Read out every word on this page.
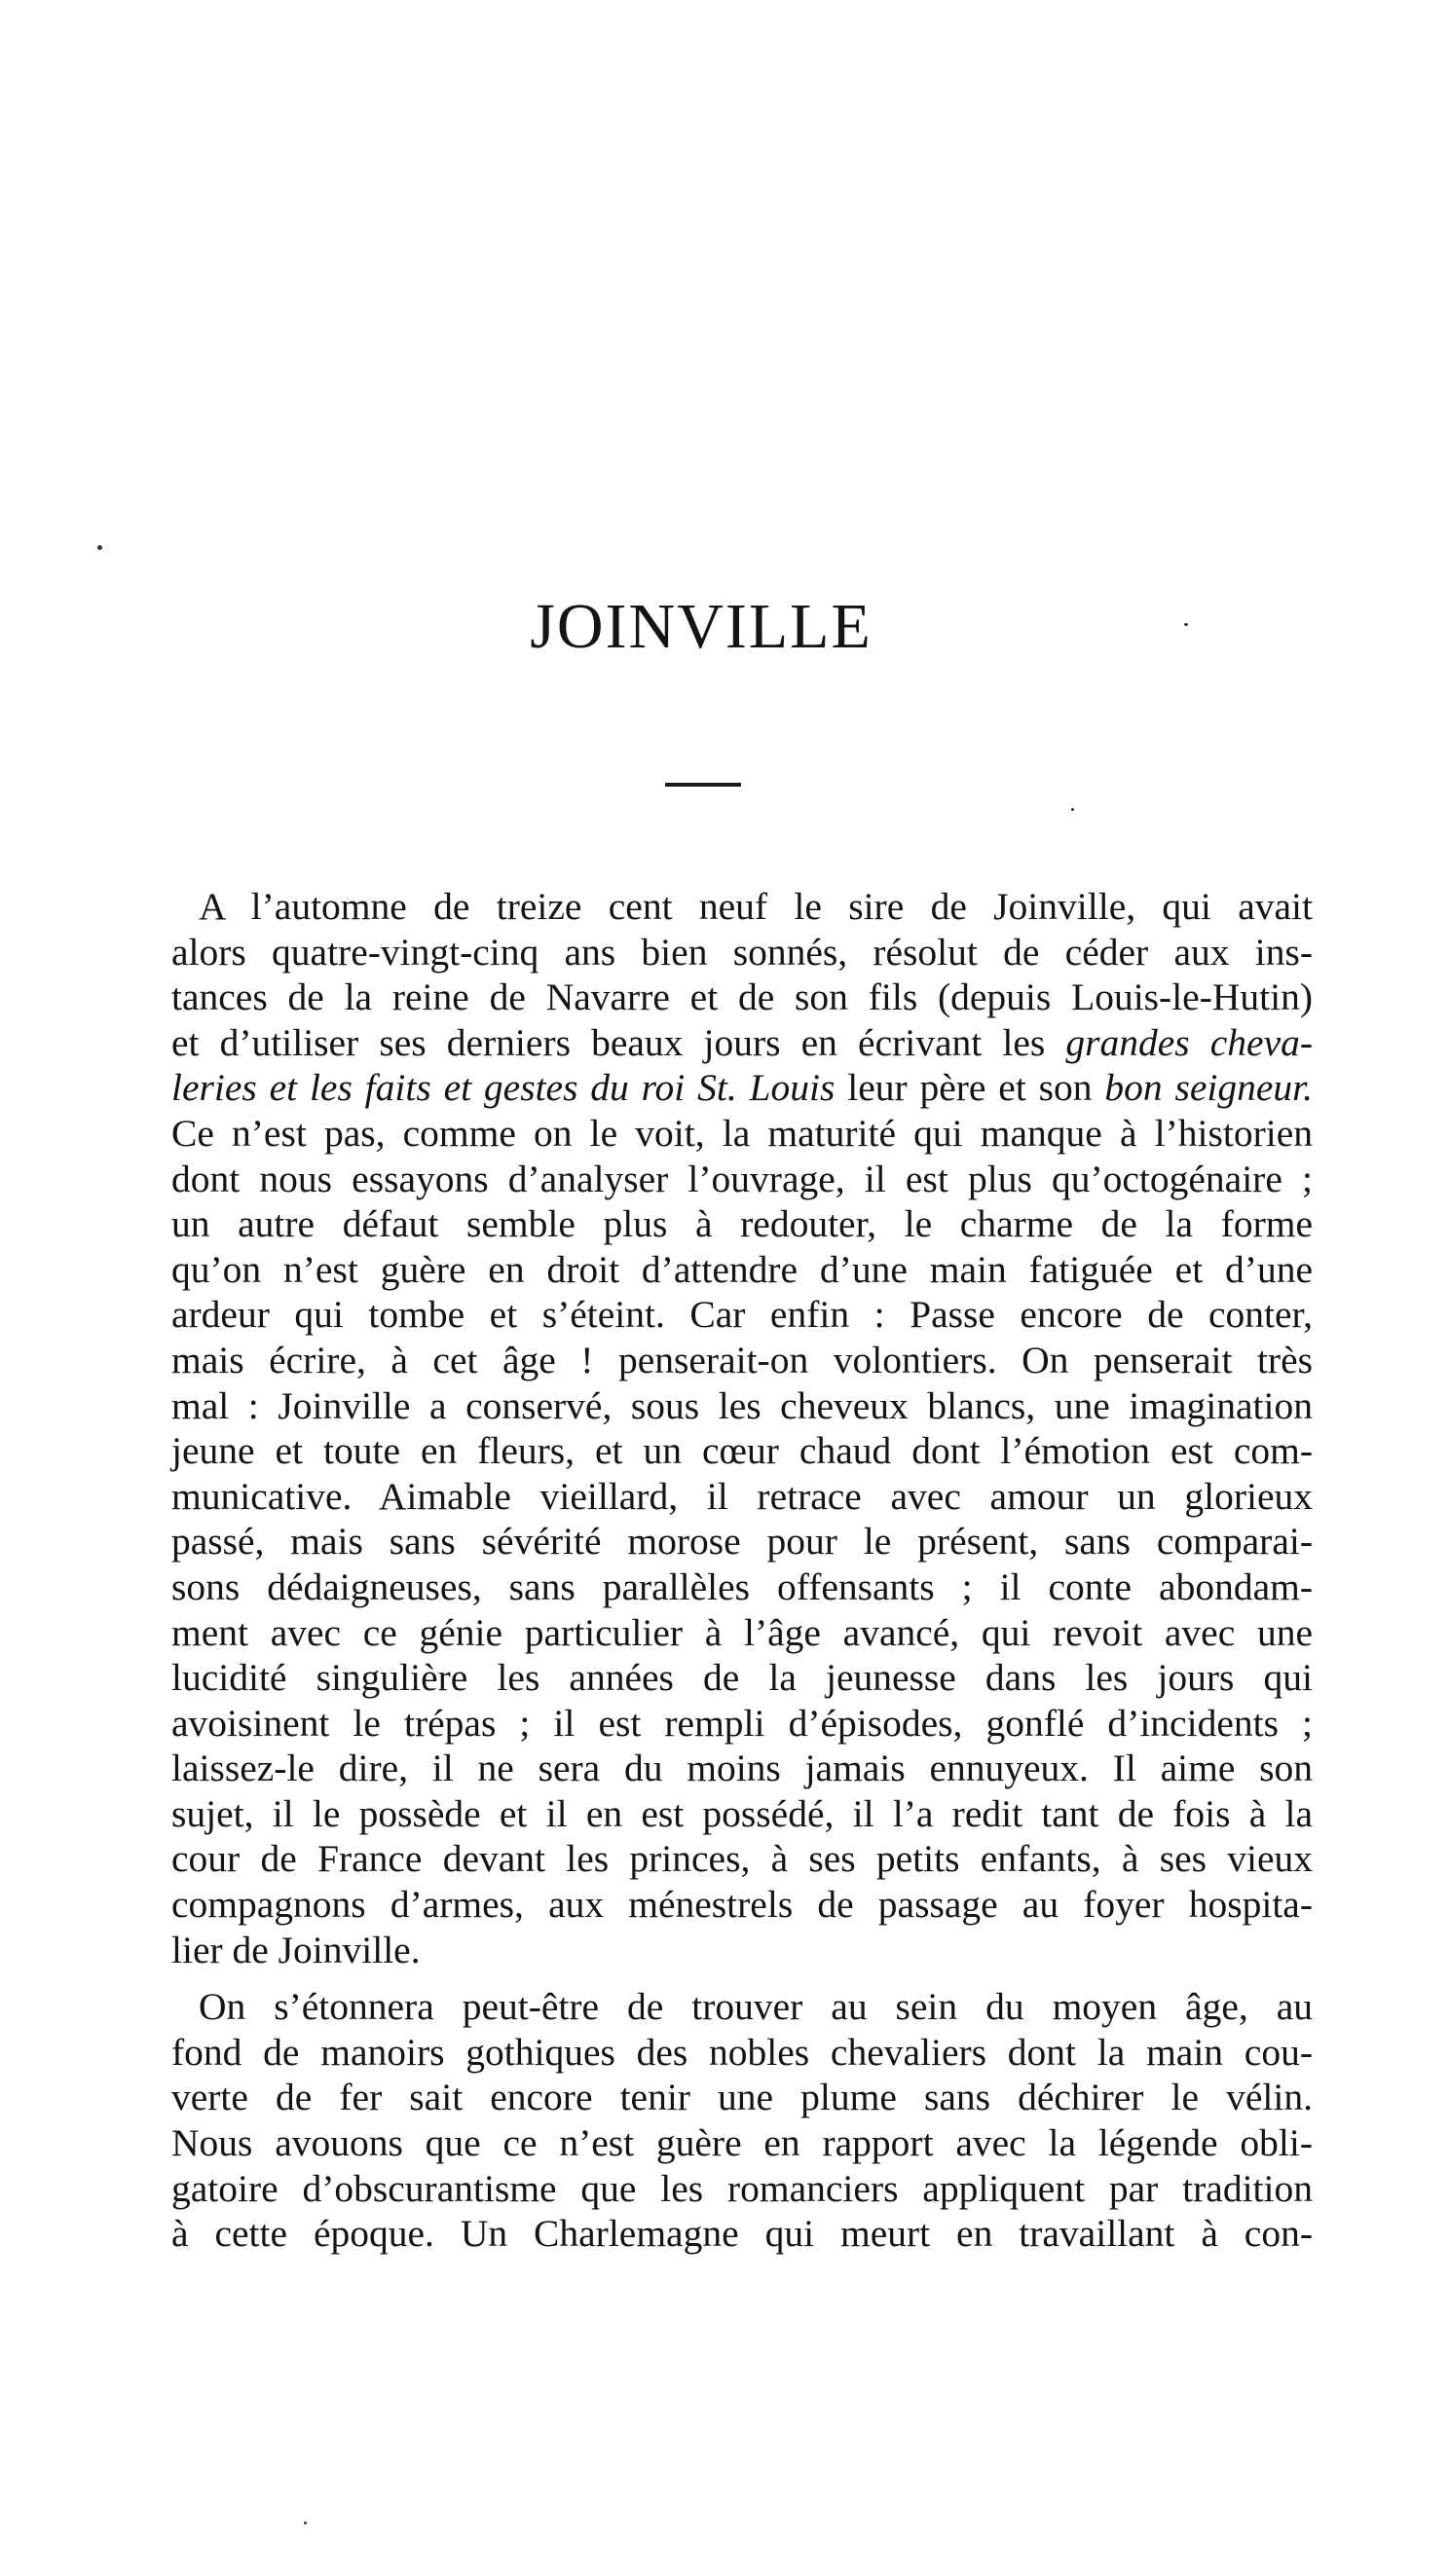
JOINVILLE
A l’automne de treize cent neuf le sire de Joinville, qui avait
alors quatre-vingt-cinq ans bien sonnés, résolut de céder aux ins-
tances de la reine de Navarre et de son fils (depuis Louis-le-Hutin)
et d’utiliser ses derniers beaux jours en écrivant les grandes cheva-
leries et les faits et gestes du roi St. Louis leur père et son bon seigneur.
Ce n’est pas, comme on le voit, la maturité qui manque à l’historien
dont nous essayons d’analyser l’ouvrage, il est plus qu’octogénaire ;
un autre défaut semble plus à redouter, le charme de la forme
qu’on n’est guère en droit d’attendre d’une main fatiguée et d’une
ardeur qui tombe et s’éteint. Car enfin : Passe encore de conter,
mais écrire, à cet âge ! penserait-on volontiers. On penserait très
mal : Joinville a conservé, sous les cheveux blancs, une imagination
jeune et toute en fleurs, et un cœur chaud dont l’émotion est com-
municative. Aimable vieillard, il retrace avec amour un glorieux
passé, mais sans sévérité morose pour le présent, sans comparai-
sons dédaigneuses, sans parallèles offensants ; il conte abondam-
ment avec ce génie particulier à l’âge avancé, qui revoit avec une
lucidité singulière les années de la jeunesse dans les jours qui
avoisinent le trépas ; il est rempli d’épisodes, gonflé d’incidents ;
laissez-le dire, il ne sera du moins jamais ennuyeux. Il aime son
sujet, il le possède et il en est possédé, il l’a redit tant de fois à la
cour de France devant les princes, à ses petits enfants, à ses vieux
compagnons d’armes, aux ménestrels de passage au foyer hospita-
lier de Joinville.
On s’étonnera peut-être de trouver au sein du moyen âge, au
fond de manoirs gothiques des nobles chevaliers dont la main cou-
verte de fer sait encore tenir une plume sans déchirer le vélin.
Nous avouons que ce n’est guère en rapport avec la légende obli-
gatoire d’obscurantisme que les romanciers appliquent par tradition
à cette époque. Un Charlemagne qui meurt en travaillant à con-
